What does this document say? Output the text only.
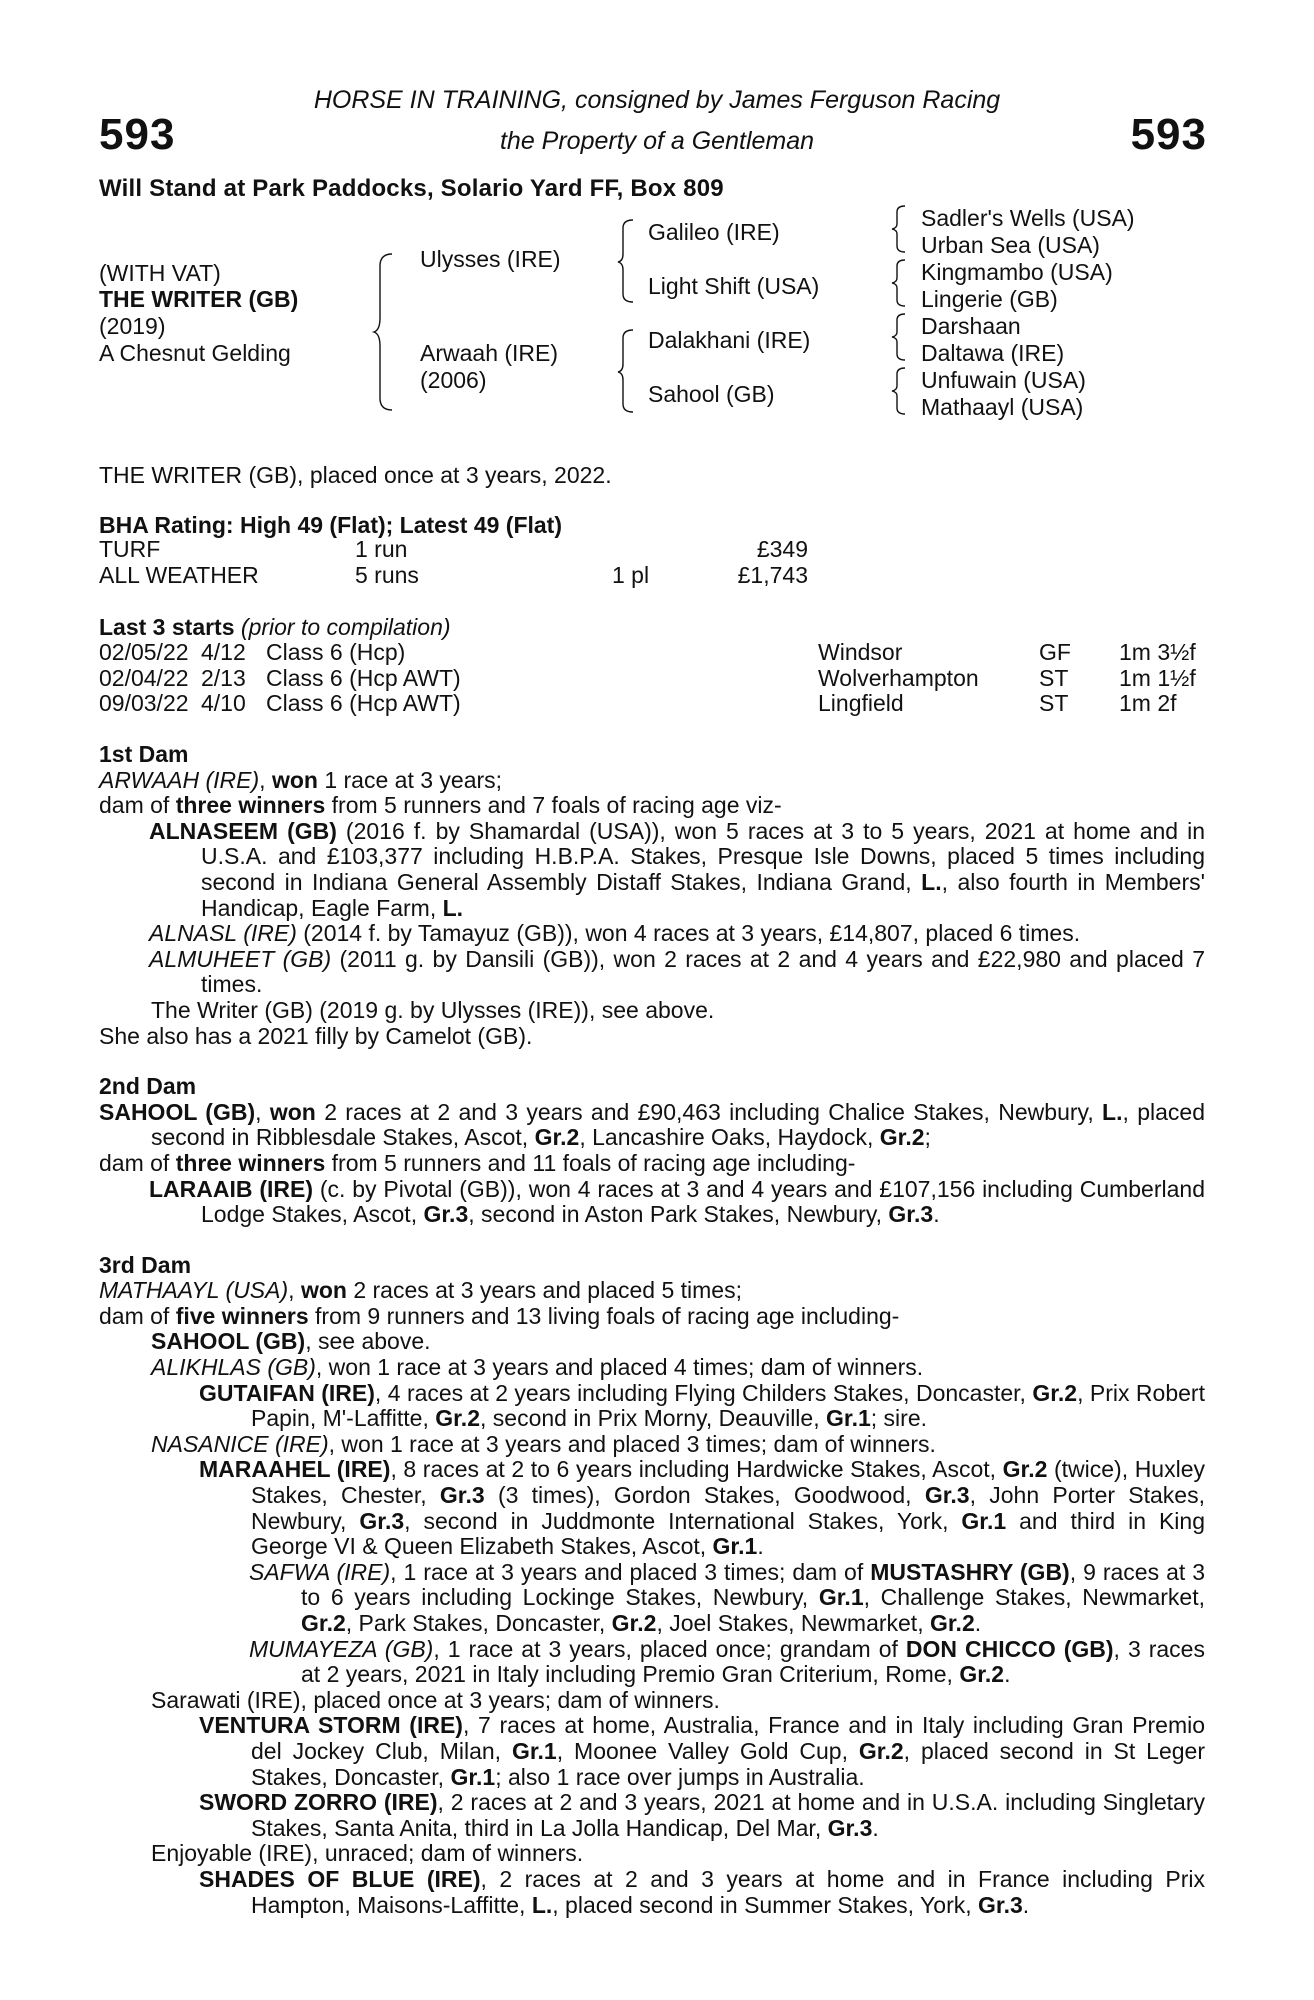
593	593
HORSE IN TRAINING, consigned by James Ferguson Racing
the Property of a Gentleman
Will Stand at Park Paddocks, Solario Yard FF, Box 809
(WITH VAT)
THE WRITER (GB)
(2019)
A Chesnut Gelding
Ulysses (IRE)
Arwaah (IRE)
(2006)
Galileo (IRE)
Light Shift (USA)
Dalakhani (IRE)
Sahool (GB)
Sadler's Wells (USA)
Urban Sea (USA)
Kingmambo (USA)
Lingerie (GB)
Darshaan
Daltawa (IRE)
Unfuwain (USA)
Mathaayl (USA)
THE WRITER (GB), placed once at 3 years, 2022.
BHA Rating: High 49 (Flat); Latest 49 (Flat)
TURF	1 run		£349
ALL WEATHER	5 runs	1 pl	£1,743
Last 3 starts (prior to compilation)
02/05/22	4/12	Class 6 (Hcp)	Windsor	GF	1m 3½f
02/04/22	2/13	Class 6 (Hcp AWT)	Wolverhampton	ST	1m 1½f
09/03/22	4/10	Class 6 (Hcp AWT)	Lingfield	ST	1m 2f
1st Dam
ARWAAH (IRE), won 1 race at 3 years;
dam of three winners from 5 runners and 7 foals of racing age viz-
ALNASEEM (GB) (2016 f. by Shamardal (USA)), won 5 races at 3 to 5 years, 2021 at home and in U.S.A. and £103,377 including H.B.P.A. Stakes, Presque Isle Downs, placed 5 times including second in Indiana General Assembly Distaff Stakes, Indiana Grand, L., also fourth in Members' Handicap, Eagle Farm, L.
ALNASL (IRE) (2014 f. by Tamayuz (GB)), won 4 races at 3 years, £14,807, placed 6 times.
ALMUHEET (GB) (2011 g. by Dansili (GB)), won 2 races at 2 and 4 years and £22,980 and placed 7 times.
The Writer (GB) (2019 g. by Ulysses (IRE)), see above.
She also has a 2021 filly by Camelot (GB).
2nd Dam
SAHOOL (GB), won 2 races at 2 and 3 years and £90,463 including Chalice Stakes, Newbury, L., placed second in Ribblesdale Stakes, Ascot, Gr.2, Lancashire Oaks, Haydock, Gr.2;
dam of three winners from 5 runners and 11 foals of racing age including-
LARAAIB (IRE) (c. by Pivotal (GB)), won 4 races at 3 and 4 years and £107,156 including Cumberland Lodge Stakes, Ascot, Gr.3, second in Aston Park Stakes, Newbury, Gr.3.
3rd Dam
MATHAAYL (USA), won 2 races at 3 years and placed 5 times;
dam of five winners from 9 runners and 13 living foals of racing age including-
SAHOOL (GB), see above.
ALIKHLAS (GB), won 1 race at 3 years and placed 4 times; dam of winners.
GUTAIFAN (IRE), 4 races at 2 years including Flying Childers Stakes, Doncaster, Gr.2, Prix Robert Papin, M'-Laffitte, Gr.2, second in Prix Morny, Deauville, Gr.1; sire.
NASANICE (IRE), won 1 race at 3 years and placed 3 times; dam of winners.
MARAAHEL (IRE), 8 races at 2 to 6 years including Hardwicke Stakes, Ascot, Gr.2 (twice), Huxley Stakes, Chester, Gr.3 (3 times), Gordon Stakes, Goodwood, Gr.3, John Porter Stakes, Newbury, Gr.3, second in Juddmonte International Stakes, York, Gr.1 and third in King George VI & Queen Elizabeth Stakes, Ascot, Gr.1.
SAFWA (IRE), 1 race at 3 years and placed 3 times; dam of MUSTASHRY (GB), 9 races at 3 to 6 years including Lockinge Stakes, Newbury, Gr.1, Challenge Stakes, Newmarket, Gr.2, Park Stakes, Doncaster, Gr.2, Joel Stakes, Newmarket, Gr.2.
MUMAYEZA (GB), 1 race at 3 years, placed once; grandam of DON CHICCO (GB), 3 races at 2 years, 2021 in Italy including Premio Gran Criterium, Rome, Gr.2.
Sarawati (IRE), placed once at 3 years; dam of winners.
VENTURA STORM (IRE), 7 races at home, Australia, France and in Italy including Gran Premio del Jockey Club, Milan, Gr.1, Moonee Valley Gold Cup, Gr.2, placed second in St Leger Stakes, Doncaster, Gr.1; also 1 race over jumps in Australia.
SWORD ZORRO (IRE), 2 races at 2 and 3 years, 2021 at home and in U.S.A. including Singletary Stakes, Santa Anita, third in La Jolla Handicap, Del Mar, Gr.3.
Enjoyable (IRE), unraced; dam of winners.
SHADES OF BLUE (IRE), 2 races at 2 and 3 years at home and in France including Prix Hampton, Maisons-Laffitte, L., placed second in Summer Stakes, York, Gr.3.
